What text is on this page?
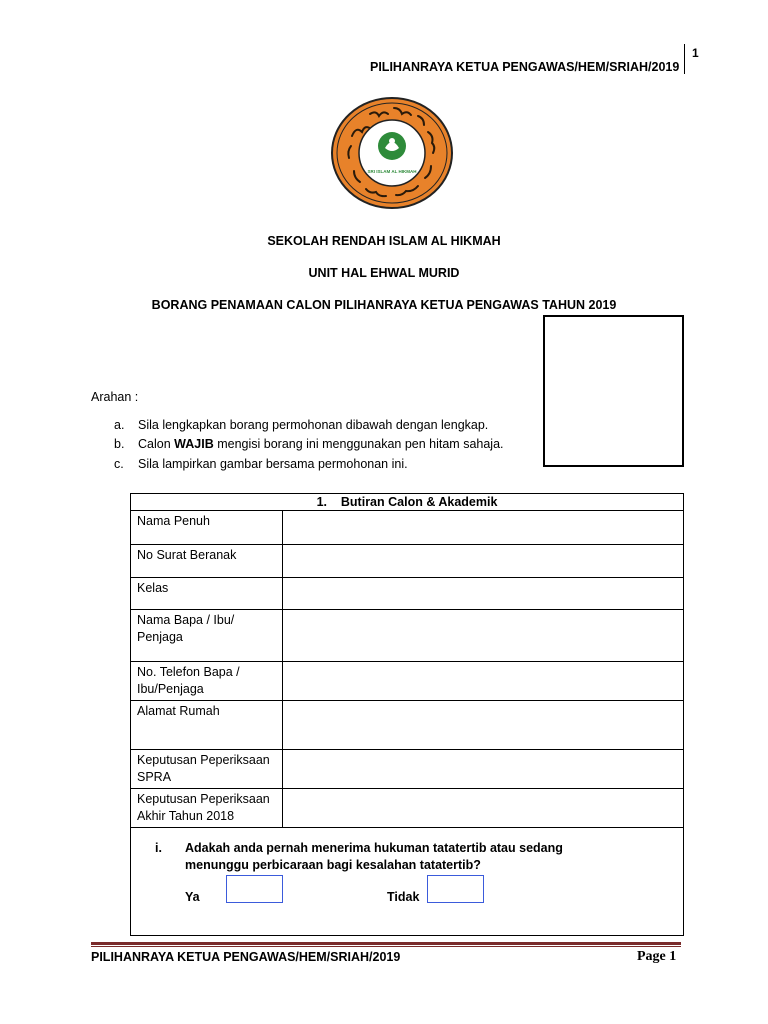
1
PILIHANRAYA KETUA PENGAWAS/HEM/SRIAH/2019
SRI ISLAM AL HIKMAH
SEKOLAH RENDAH ISLAM AL HIKMAH
UNIT HAL EHWAL MURID
BORANG PENAMAAN CALON PILIHANRAYA KETUA PENGAWAS TAHUN 2019
Arahan :
a. Sila lengkapkan borang permohonan dibawah dengan lengkap.
b. Calon WAJIB mengisi borang ini menggunakan pen hitam sahaja.
c. Sila lampirkan gambar bersama permohonan ini.
1.    Butiran Calon & Akademik	
Nama Penuh	
No Surat Beranak	
Kelas	
Nama Bapa / Ibu/ Penjaga	
No. Telefon Bapa / Ibu/Penjaga	
Alamat Rumah	
Keputusan Peperiksaan SPRA	
Keputusan Peperiksaan Akhir Tahun 2018	

i. Adakah anda pernah menerima hukuman tatatertib atau sedang menunggu perbicaraan bagi kesalahan tatatertib?
Ya Tidak	
PILIHANRAYA KETUA PENGAWAS/HEM/SRIAH/2019	Page 1
